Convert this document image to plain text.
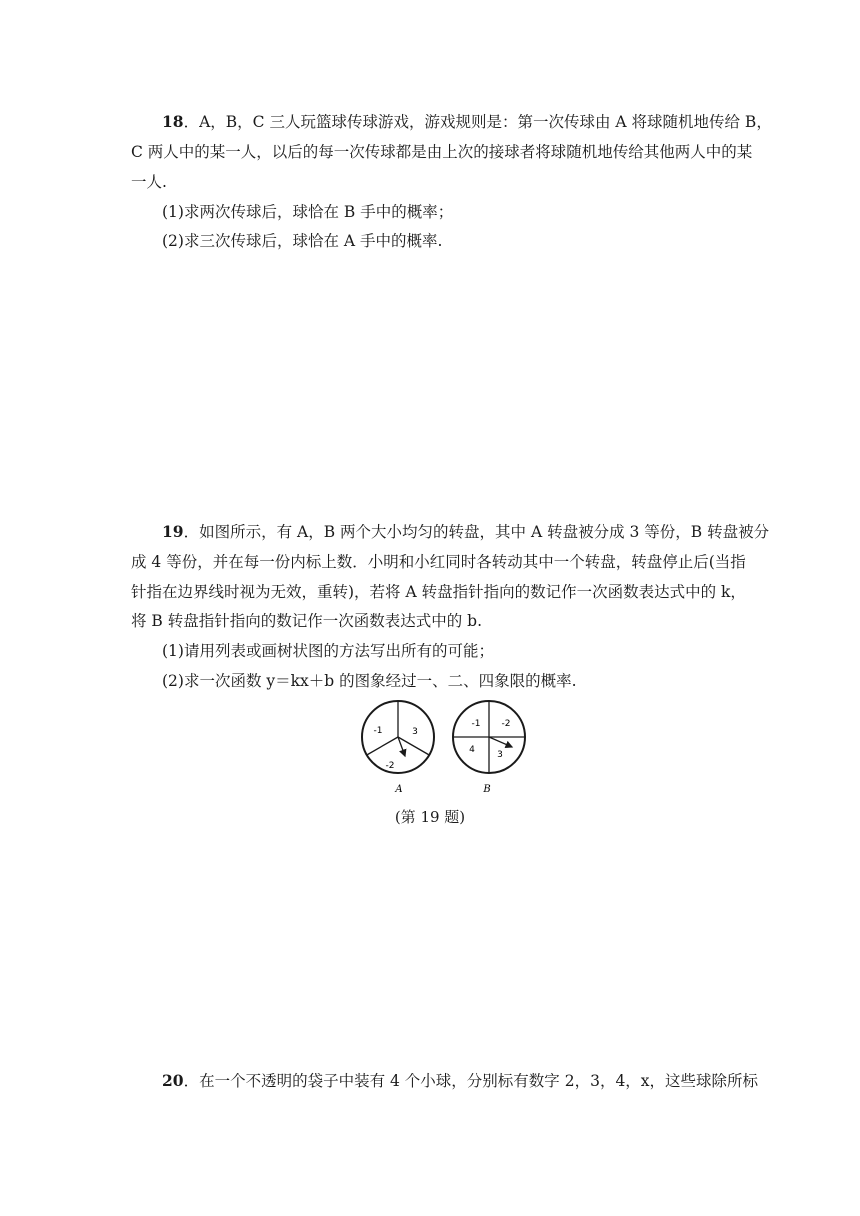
18．A，B，C 三人玩篮球传球游戏，游戏规则是：第一次传球由 A 将球随机地传给 B，
C 两人中的某一人，以后的每一次传球都是由上次的接球者将球随机地传给其他两人中的某
一人.
(1)求两次传球后，球恰在 B 手中的概率；
(2)求三次传球后，球恰在 A 手中的概率.
19．如图所示，有 A，B 两个大小均匀的转盘，其中 A 转盘被分成 3 等份，B 转盘被分
成 4 等份，并在每一份内标上数．小明和小红同时各转动其中一个转盘，转盘停止后(当指
针指在边界线时视为无效，重转)，若将 A 转盘指针指向的数记作一次函数表达式中的 k，
将 B 转盘指针指向的数记作一次函数表达式中的 b.
(1)请用列表或画树状图的方法写出所有的可能；
(2)求一次函数 y＝kx＋b 的图象经过一、二、四象限的概率.
-1	3
-2
A
-1 -2
4 3
B
(第 19 题)
20．在一个不透明的袋子中装有 4 个小球，分别标有数字 2，3，4，x，这些球除所标
